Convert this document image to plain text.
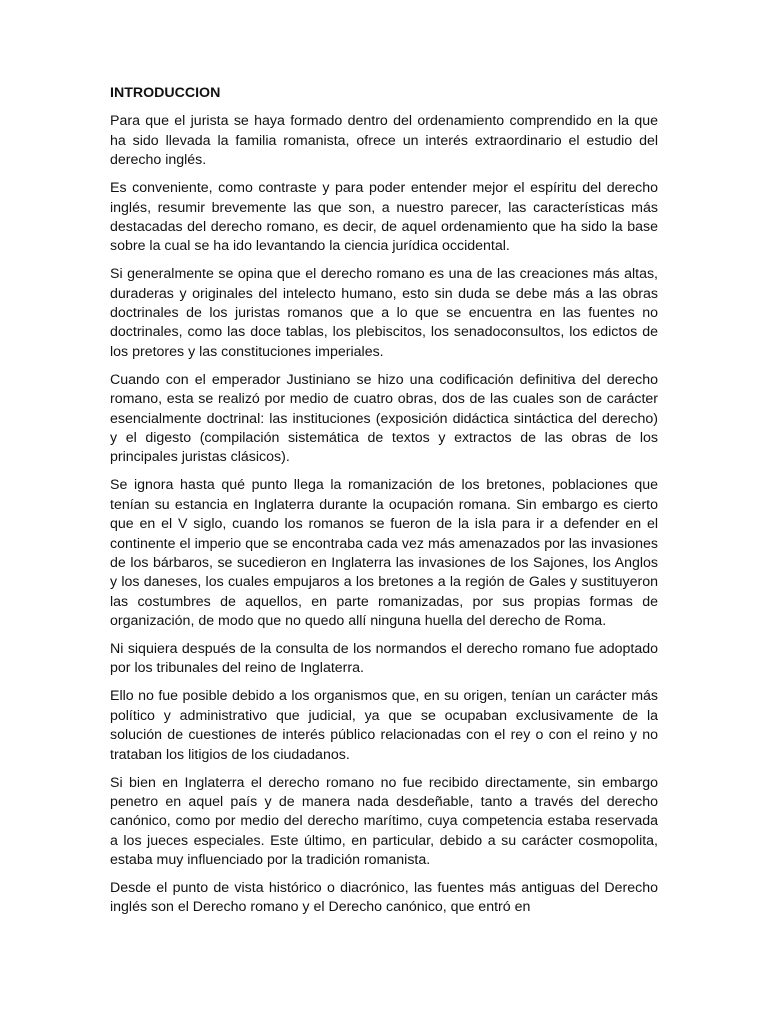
INTRODUCCION

Para que el jurista se haya formado dentro del ordenamiento comprendido en la que ha sido llevada la familia romanista, ofrece un interés extraordinario el estudio del derecho inglés.

Es conveniente, como contraste y para poder entender mejor el espíritu del derecho inglés, resumir brevemente las que son, a nuestro parecer, las características más destacadas del derecho romano, es decir, de aquel ordenamiento que ha sido la base sobre la cual se ha ido levantando la ciencia jurídica occidental.

Si generalmente se opina que el derecho romano es una de las creaciones más altas, duraderas y originales del intelecto humano, esto sin duda se debe más a las obras doctrinales de los juristas romanos que a lo que se encuentra en las fuentes no doctrinales, como las doce tablas, los plebiscitos, los senadoconsultos, los edictos de los pretores y las constituciones imperiales.

Cuando con el emperador Justiniano se hizo una codificación definitiva del derecho romano, esta se realizó por medio de cuatro obras, dos de las cuales son de carácter esencialmente doctrinal: las instituciones (exposición didáctica sintáctica del derecho) y el digesto (compilación sistemática de textos y extractos de las obras de los principales juristas clásicos).

Se ignora hasta qué punto llega la romanización de los bretones, poblaciones que tenían su estancia en Inglaterra durante la ocupación romana. Sin embargo es cierto que en el V siglo, cuando los romanos se fueron de la isla para ir a defender en el continente el imperio que se encontraba cada vez más amenazados por las invasiones de los bárbaros, se sucedieron en Inglaterra las invasiones de los Sajones, los Anglos y los daneses, los cuales empujaros a los bretones a la región de Gales y sustituyeron las costumbres de aquellos, en parte romanizadas, por sus propias formas de organización, de modo que no quedo allí ninguna huella del derecho de Roma.

Ni siquiera después de la consulta de los normandos el derecho romano fue adoptado por los tribunales del reino de Inglaterra.

Ello no fue posible debido a los organismos que, en su origen, tenían un carácter más político y administrativo que judicial, ya que se ocupaban exclusivamente de la solución de cuestiones de interés público relacionadas con el rey o con el reino y no trataban los litigios de los ciudadanos.

Si bien en Inglaterra el derecho romano no fue recibido directamente, sin embargo penetro en aquel país y de manera nada desdeñable, tanto a través del derecho canónico, como por medio del derecho marítimo, cuya competencia estaba reservada a los jueces especiales. Este último, en particular, debido a su carácter cosmopolita, estaba muy influenciado por la tradición romanista.

Desde el punto de vista histórico o diacrónico, las fuentes más antiguas del Derecho inglés son el Derecho romano y el Derecho canónico, que entró en
